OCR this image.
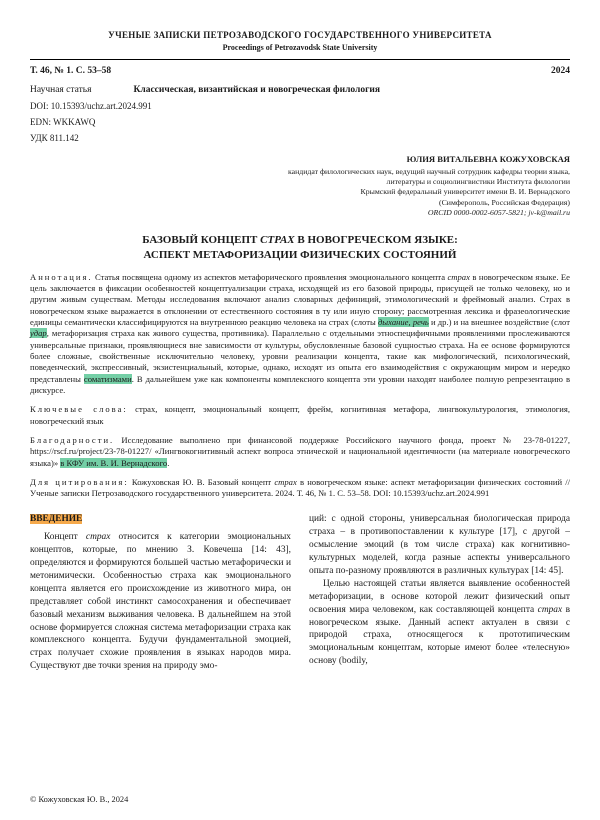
УЧЕНЫЕ ЗАПИСКИ ПЕТРОЗАВОДСКОГО ГОСУДАРСТВЕННОГО УНИВЕРСИТЕТА
Proceedings of Petrozavodsk State University
Т. 46, № 1. С. 53–58	2024
Научная статья	Классическая, византийская и новогреческая филология
DOI: 10.15393/uchz.art.2024.991
EDN: WKKAWQ
УДК 811.142
ЮЛИЯ ВИТАЛЬЕВНА КОЖУХОВСКАЯ
кандидат филологических наук, ведущий научный сотрудник кафедры теории языка, литературы и социолингвистики Института филологии
Крымский федеральный университет имени В. И. Вернадского
(Симферополь, Российская Федерация)
ORCID 0000-0002-6057-5821; jv-k@mail.ru
БАЗОВЫЙ КОНЦЕПТ СТРАХ В НОВОГРЕЧЕСКОМ ЯЗЫКЕ:
АСПЕКТ МЕТАФОРИЗАЦИИ ФИЗИЧЕСКИХ СОСТОЯНИЙ

Аннотация. Статья посвящена одному из аспектов метафорического проявления эмоционального концепта страх в новогреческом языке. Ее цель заключается в фиксации особенностей концептуализации страха, исходящей из его базовой природы, присущей не только человеку, но и другим живым существам. Методы исследования включают анализ словарных дефиниций, этимологический и фреймовый анализ. Страх в новогреческом языке выражается в отклонении от естественного состояния в ту или иную сторону; рассмотренная лексика и фразеологические единицы семантически классифицируются на внутреннюю реакцию человека на страх (слоты дыхание, речь и др.) и на внешнее воздействие (слот удар, метафоризация страха как живого существа, противника). Параллельно с отдельными этноспецифичными проявлениями прослеживаются универсальные признаки, проявляющиеся вне зависимости от культуры, обусловленные базовой сущностью страха. На ее основе формируются более сложные, свойственные исключительно человеку, уровни реализации концепта, такие как мифологический, психологический, поведенческий, экспрессивный, экзистенциальный, которые, однако, исходят из опыта его взаимодействия с окружающим миром и нередко представлены соматизмами. В дальнейшем уже как компоненты комплексного концепта эти уровни находят наиболее полную репрезентацию в дискурсе.

Ключевые слова: страх, концепт, эмоциональный концепт, фрейм, когнитивная метафора, лингвокультурология, этимология, новогреческий язык

Благодарности. Исследование выполнено при финансовой поддержке Российского научного фонда, проект № 23-78-01227, https://rscf.ru/project/23-78-01227/ «Лингвокогнитивный аспект вопроса этнической и национальной идентичности (на материале новогреческого языка)» в КФУ им. В. И. Вернадского.

Для цитирования: Кожуховская Ю. В. Базовый концепт страх в новогреческом языке: аспект метафоризации физических состояний // Ученые записки Петрозаводского государственного университета. 2024. Т. 46, № 1. С. 53–58. DOI: 10.15393/uchz.art.2024.991

ВВЕДЕНИЕ

Концепт страх относится к категории эмоциональных концептов, которые, по мнению З. Ковечеша [14: 43], определяются и формируются большей частью метафорически и метонимически. Особенностью страха как эмоционального концепта является его происхождение из животного мира, он представляет собой инстинкт самосохранения и обеспечивает базовый механизм выживания человека. В дальнейшем на этой основе формируется сложная система метафоризации страха как комплексного концепта. Будучи фундаментальной эмоцией, страх получает схожие проявления в языках народов мира. Существуют две точки зрения на природу эмо-

ций: с одной стороны, универсальная биологическая природа страха – в противопоставлении к культуре [17], с другой – осмысление эмоций (в том числе страха) как когнитивно-культурных моделей, когда разные аспекты универсального опыта по-разному проявляются в различных культурах [14: 45].

Целью настоящей статьи является выявление особенностей метафоризации, в основе которой лежит физический опыт освоения мира человеком, как составляющей концепта страх в новогреческом языке. Данный аспект актуален в связи с природой страха, относящегося к прототипическим эмоциональным концептам, которые имеют более «телесную» основу (bodily,

© Кожуховская Ю. В., 2024
